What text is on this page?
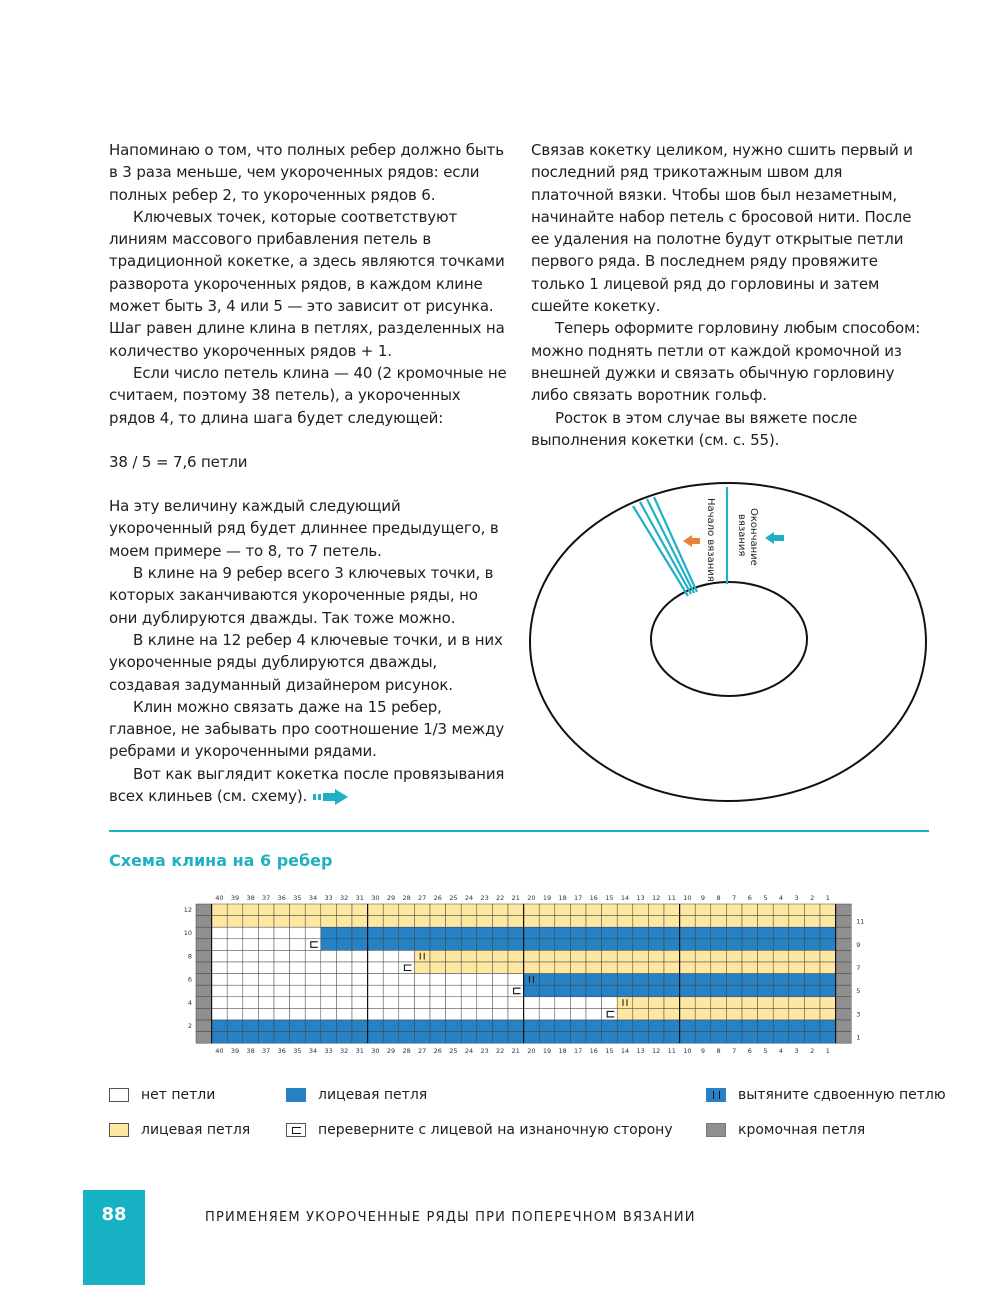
Напоминаю о том, что полных ребер должно быть в 3 раза меньше, чем укороченных рядов: если полных ребер 2, то укороченных рядов 6.

Ключевых точек, которые соответствуют линиям массового прибавления петель в традиционной кокетке, а здесь являются точками разворота укороченных рядов, в каждом клине может быть 3, 4 или 5 — это зависит от рисунка. Шаг равен длине клина в петлях, разделенных на количество укороченных рядов + 1.

Если число петель клина — 40 (2 кромочные не считаем, поэтому 38 петель), а укороченных рядов 4, то длина шага будет следующей:

38 / 5 = 7,6 петли

На эту величину каждый следующий укороченный ряд будет длиннее предыдущего, в моем примере — то 8, то 7 петель.

В клине на 9 ребер всего 3 ключевых точки, в которых заканчиваются укороченные ряды, но они дублируются дважды. Так тоже можно.

В клине на 12 ребер 4 ключевые точки, и в них укороченные ряды дублируются дважды, создавая задуманный дизайнером рисунок.

Клин можно связать даже на 15 ребер, главное, не забывать про соотношение 1/3 между ребрами и укороченными рядами.

Вот как выглядит кокетка после провязывания всех клиньев (см. схему).

Связав кокетку целиком, нужно сшить первый и последний ряд трикотажным швом для платочной вязки. Чтобы шов был незаметным, начинайте набор петель с бросовой нити. После ее удаления на полотне будут открытые петли первого ряда. В последнем ряду провяжите только 1 лицевой ряд до горловины и затем сшейте кокетку.

Теперь оформите горловину любым способом: можно поднять петли от каждой кромочной из внешней дужки и связать обычную горловину либо связать воротник гольф.

Росток в этом случае вы вяжете после выполнения кокетки (см. с. 55).

Начало вязания	Окончание
вязания
Схема клина на 6 ребер
1
1
2
2
3
3
4
4
5
5
6
6
7
7
8
8
9
9
10
10
11
11
12
12
13
13
14
14
15
15
16
16
17
17
18
18
19
19
20
20
21
21
22
22
23
23
24
24
25
25
26
26
27
27
28
28
29
29
30
30
31
31
32
32
33
33
34
34
35
35
36
36
37
37
38
38
39
39
40
40
12
10
8
6
4
2
11
9
7
5
3
1
нет петли	лицевая петля	вытяните сдвоенную петлю
лицевая петля	переверните с лицевой на изнаночную сторону	кромочная петля
88	ПРИМЕНЯЕМ УКОРОЧЕННЫЕ РЯДЫ ПРИ ПОПЕРЕЧНОМ ВЯЗАНИИ
